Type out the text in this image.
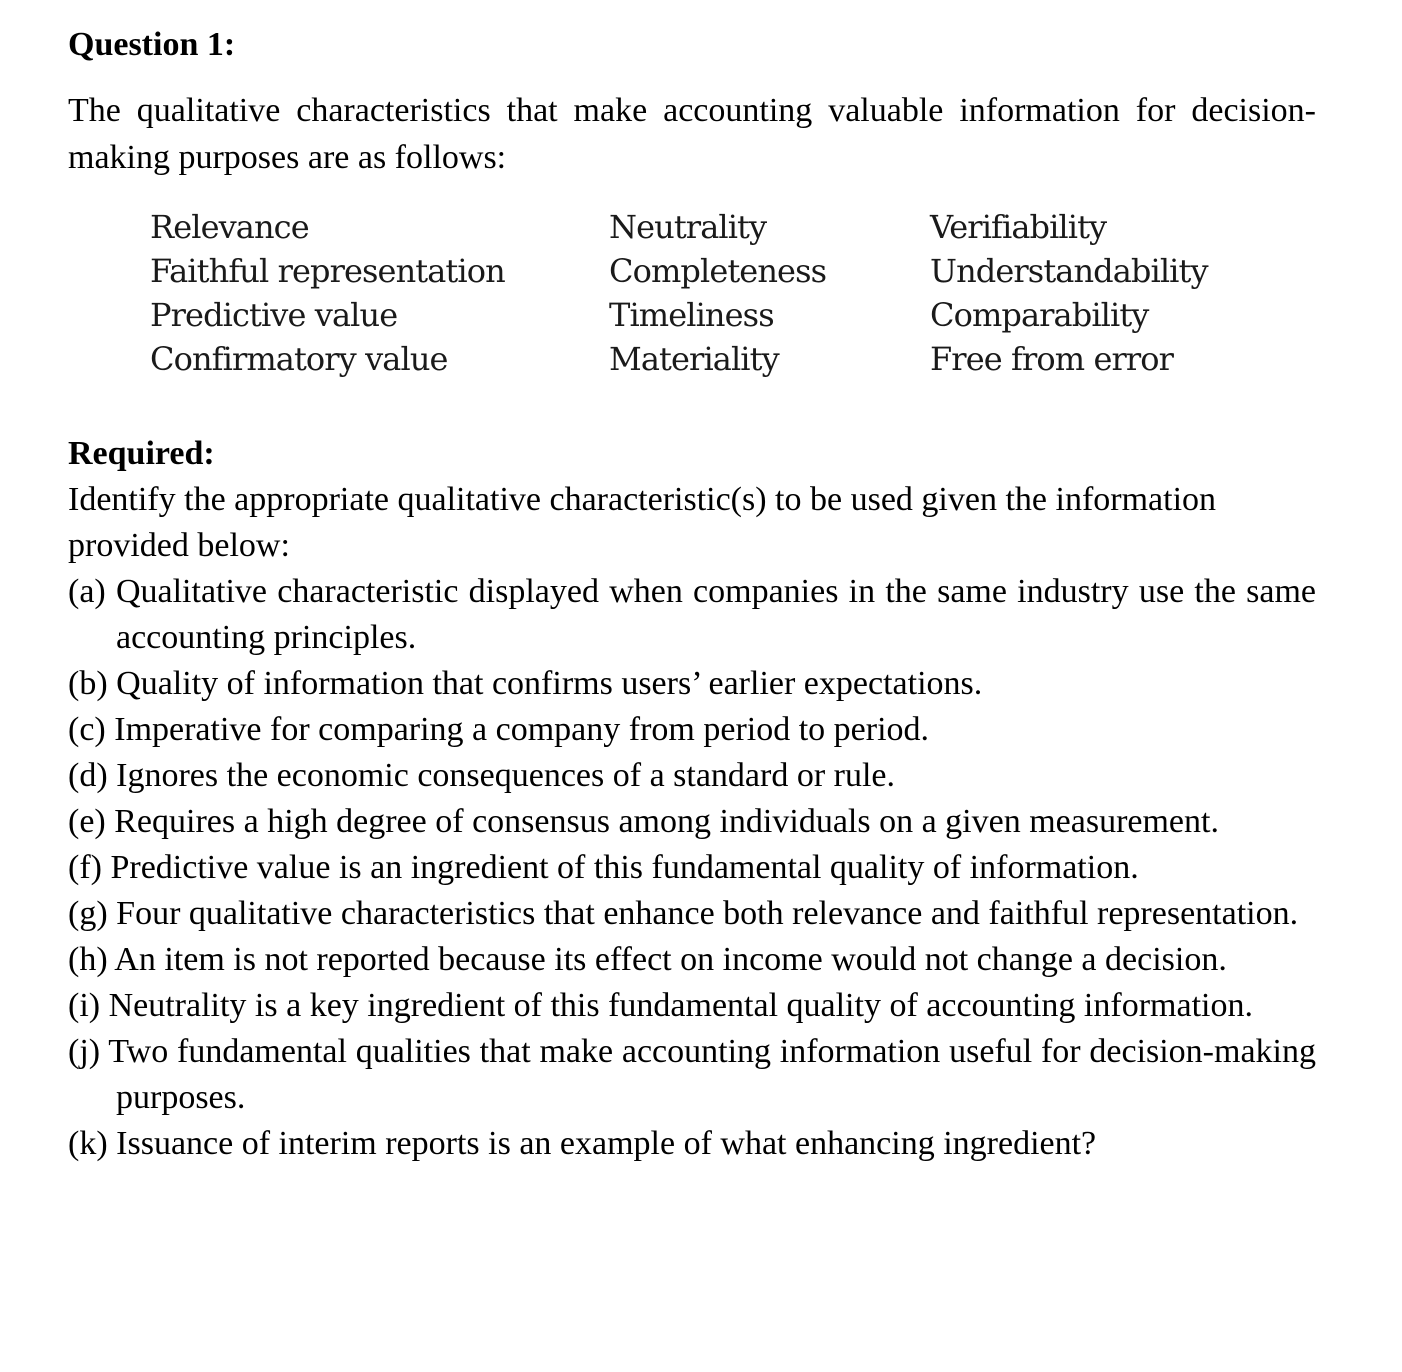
Question 1:

The qualitative characteristics that make accounting valuable information for decision-making purposes are as follows:

Relevance
Faithful representation
Predictive value
Confirmatory value
Neutrality
Completeness
Timeliness
Materiality
Verifiability
Understandability
Comparability
Free from error
Required:

Identify the appropriate qualitative characteristic(s) to be used given the information provided below:

(a) Qualitative characteristic displayed when companies in the same industry use the same accounting principles.
(b) Quality of information that confirms users’ earlier expectations.
(c) Imperative for comparing a company from period to period.
(d) Ignores the economic consequences of a standard or rule.
(e) Requires a high degree of consensus among individuals on a given measurement.
(f) Predictive value is an ingredient of this fundamental quality of information.
(g) Four qualitative characteristics that enhance both relevance and faithful representation.
(h) An item is not reported because its effect on income would not change a decision.
(i) Neutrality is a key ingredient of this fundamental quality of accounting information.
(j) Two fundamental qualities that make accounting information useful for decision-making purposes.
(k) Issuance of interim reports is an example of what enhancing ingredient?
